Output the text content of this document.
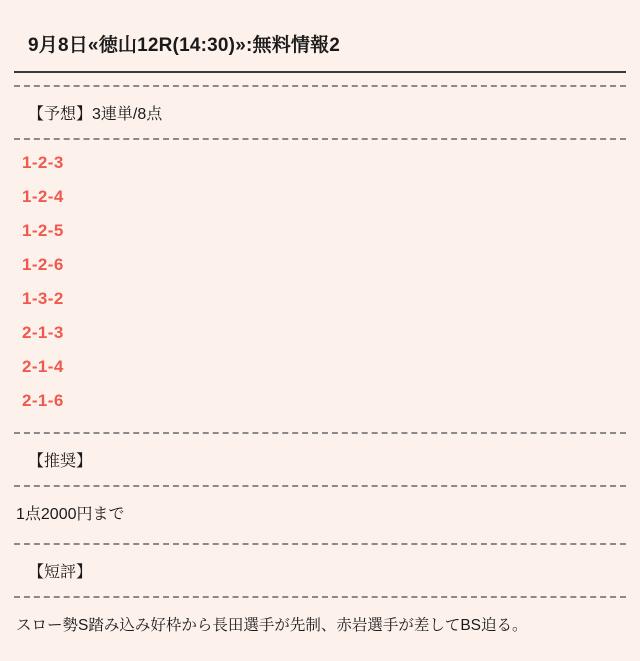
9月8日«徳山12R(14:30)»:無料情報2
【予想】3連単/8点
1-2-3
1-2-4
1-2-5
1-2-6
1-3-2
2-1-3
2-1-4
2-1-6
【推奨】
1点2000円まで
【短評】
スロー勢S踏み込み好枠から長田選手が先制、赤岩選手が差してBS迫る。
